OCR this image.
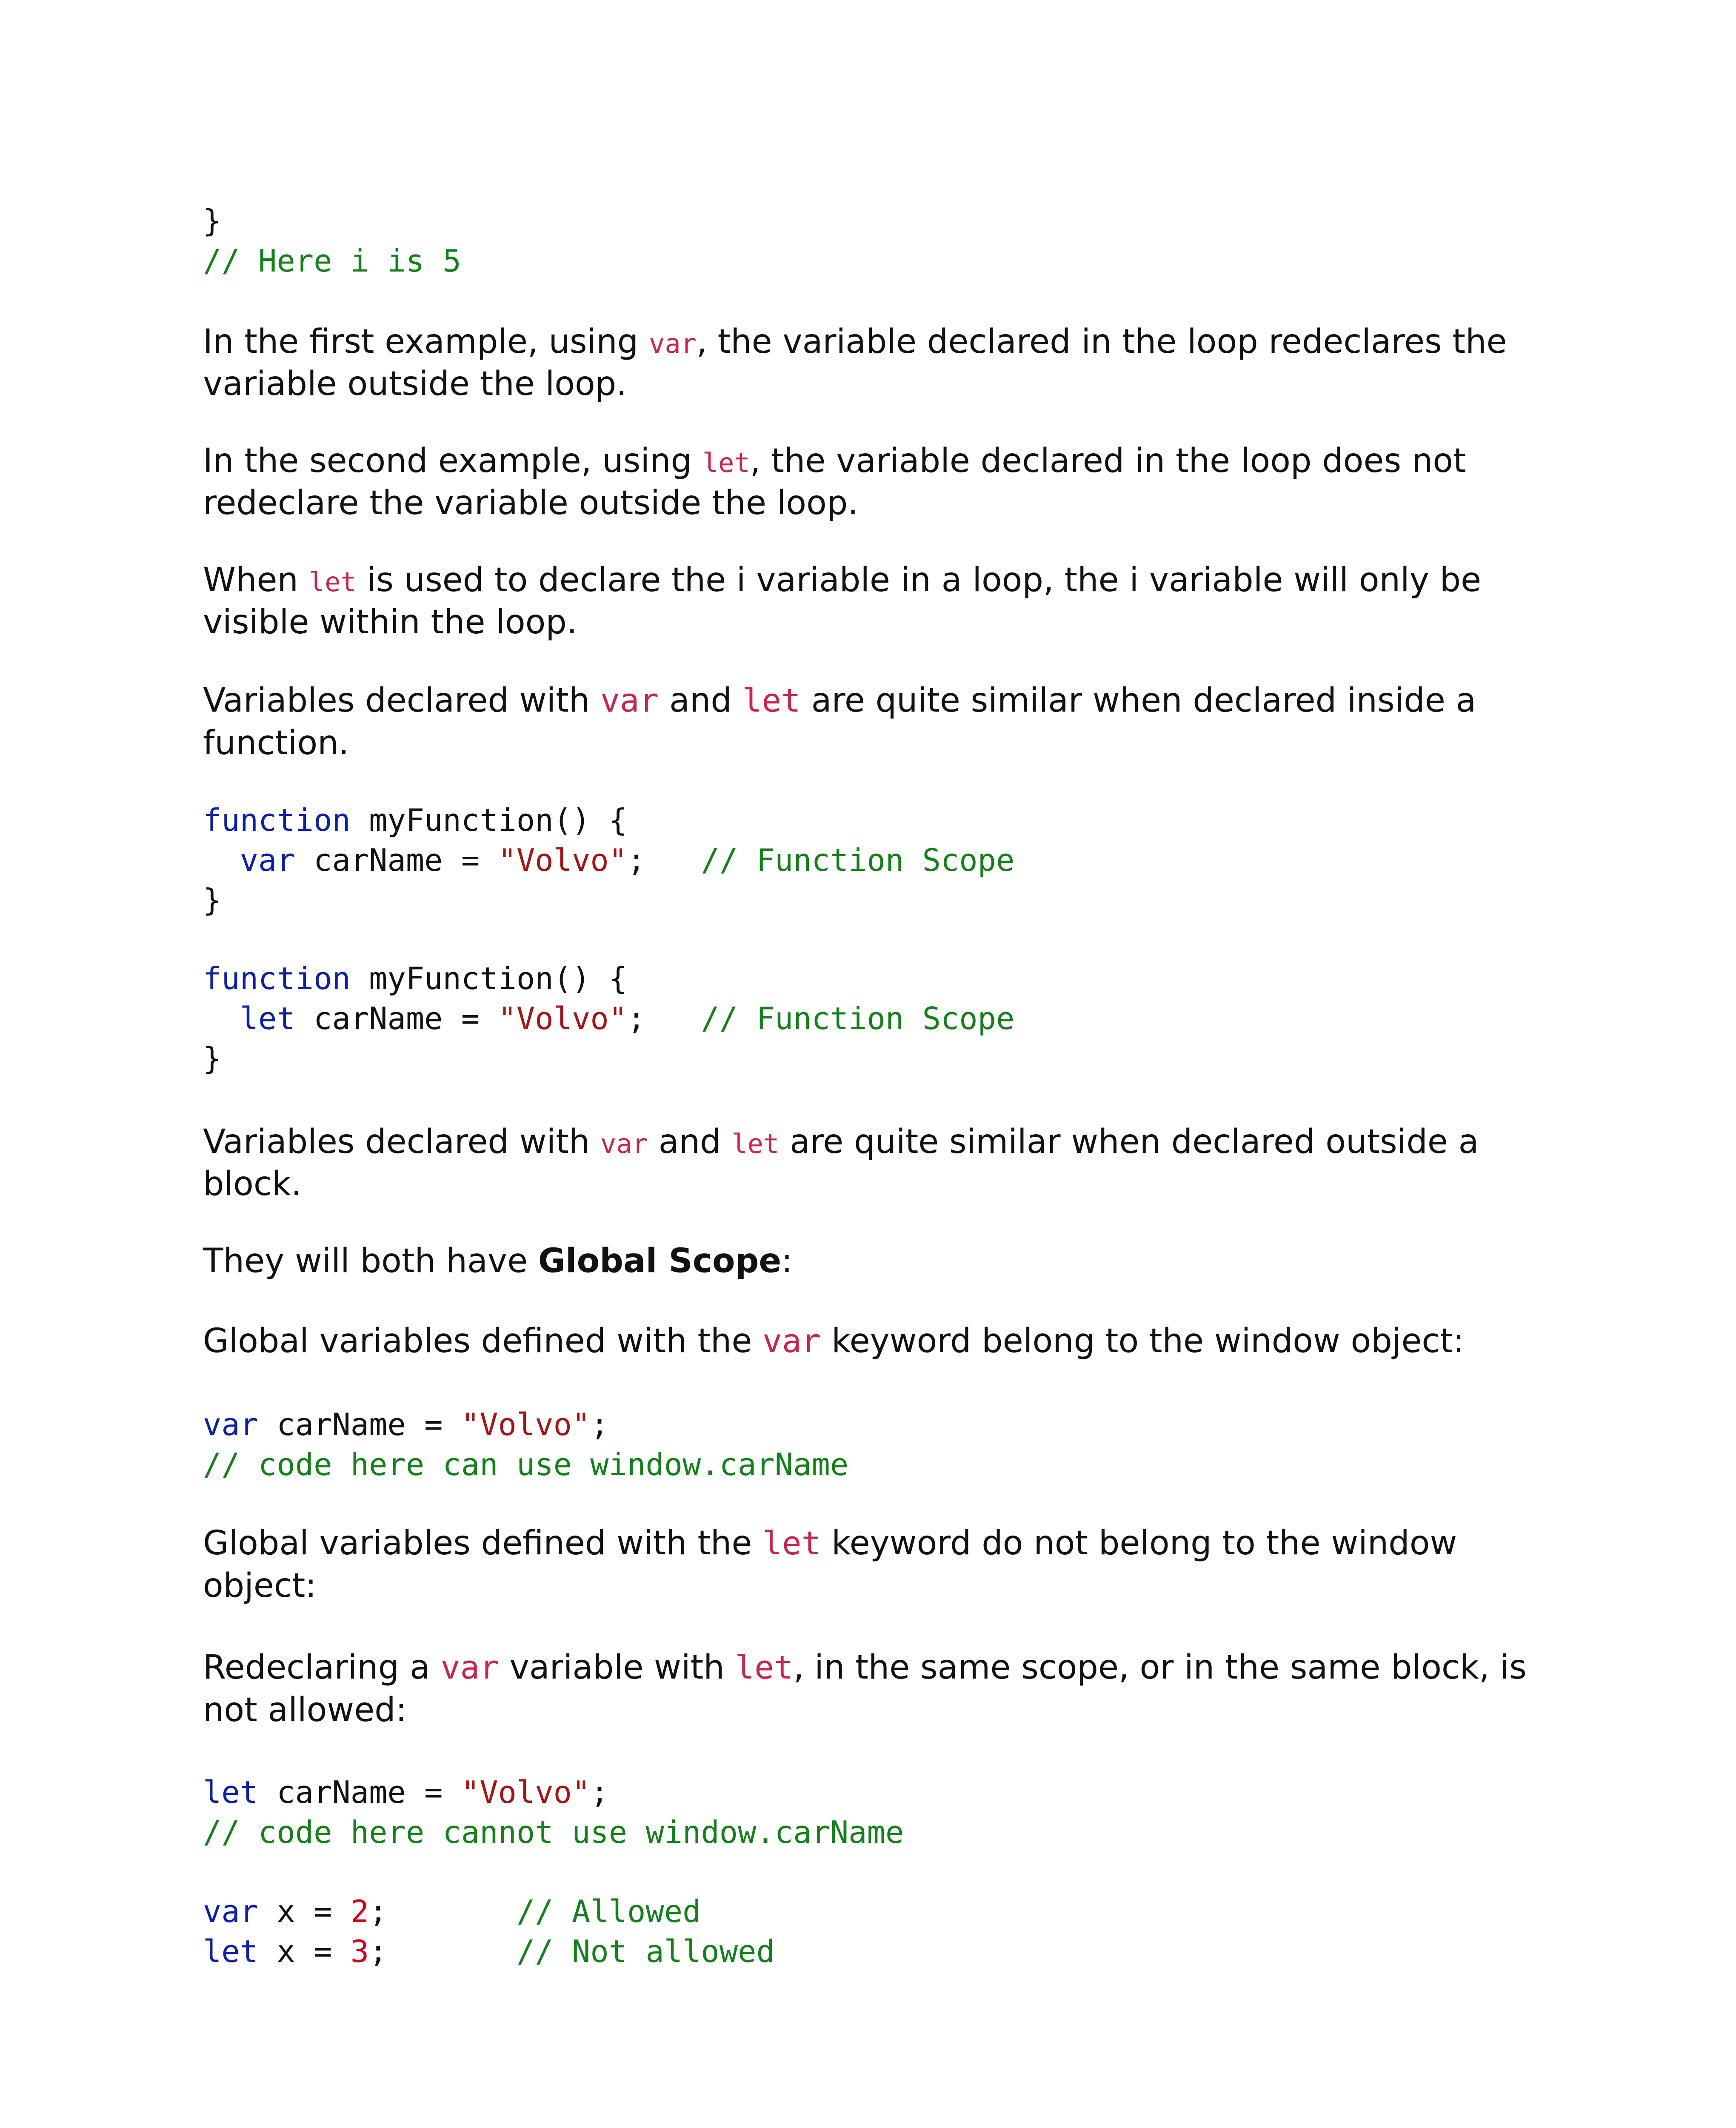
}
// Here i is 5

In the first example, using var, the variable declared in the loop redeclares the variable outside the loop.

In the second example, using let, the variable declared in the loop does not redeclare the variable outside the loop.

When let is used to declare the i variable in a loop, the i variable will only be visible within the loop.

Variables declared with var and let are quite similar when declared inside a function.

function myFunction() {
var carName = "Volvo"; // Function Scope
}
function myFunction() {
let carName = "Volvo"; // Function Scope
}

Variables declared with var and let are quite similar when declared outside a block.

They will both have Global Scope:

Global variables defined with the var keyword belong to the window object:

var carName = "Volvo";
// code here can use window.carName

Global variables defined with the let keyword do not belong to the window object:

Redeclaring a var variable with let, in the same scope, or in the same block, is not allowed:

let carName = "Volvo";
// code here cannot use window.carName
var x = 2;	// Allowed
let x = 3;	// Not allowed
